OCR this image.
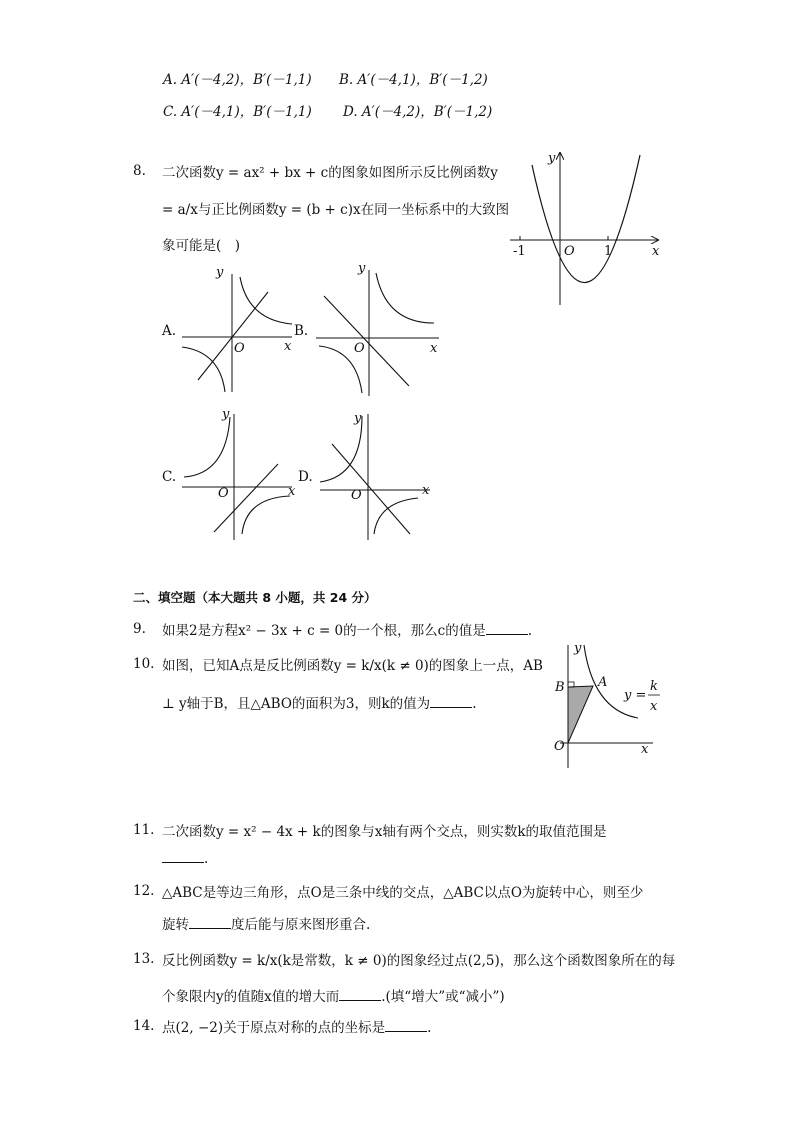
A. A′(－4,2)，B′(－1,1) B. A′(－4,1)，B′(－1,2)
C. A′(－4,1)，B′(－1,1) D. A′(－4,2)，B′(－1,2)
8. 二次函数y = ax² + bx + c的图象如图所示反比例函数y
= a/x与正比例函数y = (b + c)x在同一坐标系中的大致图
象可能是(　)
y
x
O
-1	1
A.
y
x
O
B.
y
x
O
C.
y
x
O
D.
y
x
O
二、填空题（本大题共 8 小题，共 24 分）
9. 如果2是方程x² − 3x + c = 0的一个根，那么c的值是	.
10. 如图，已知A点是反比例函数y = k/x(k ≠ 0)的图象上一点，AB
⊥ y轴于B，且△ABO的面积为3，则k的值为	.
y
x
O
A
B
y =
k
x
11. 二次函数y = x² − 4x + k的图象与x轴有两个交点，则实数k的取值范围是
.
12. △ABC是等边三角形，点O是三条中线的交点，△ABC以点O为旋转中心，则至少
旋转	度后能与原来图形重合.
13. 反比例函数y = k/x(k是常数，k ≠ 0)的图象经过点(2,5)，那么这个函数图象所在的每
个象限内y的值随x值的增大而	.(填“增大”或“减小”)
14. 点(2, −2)关于原点对称的点的坐标是	.
